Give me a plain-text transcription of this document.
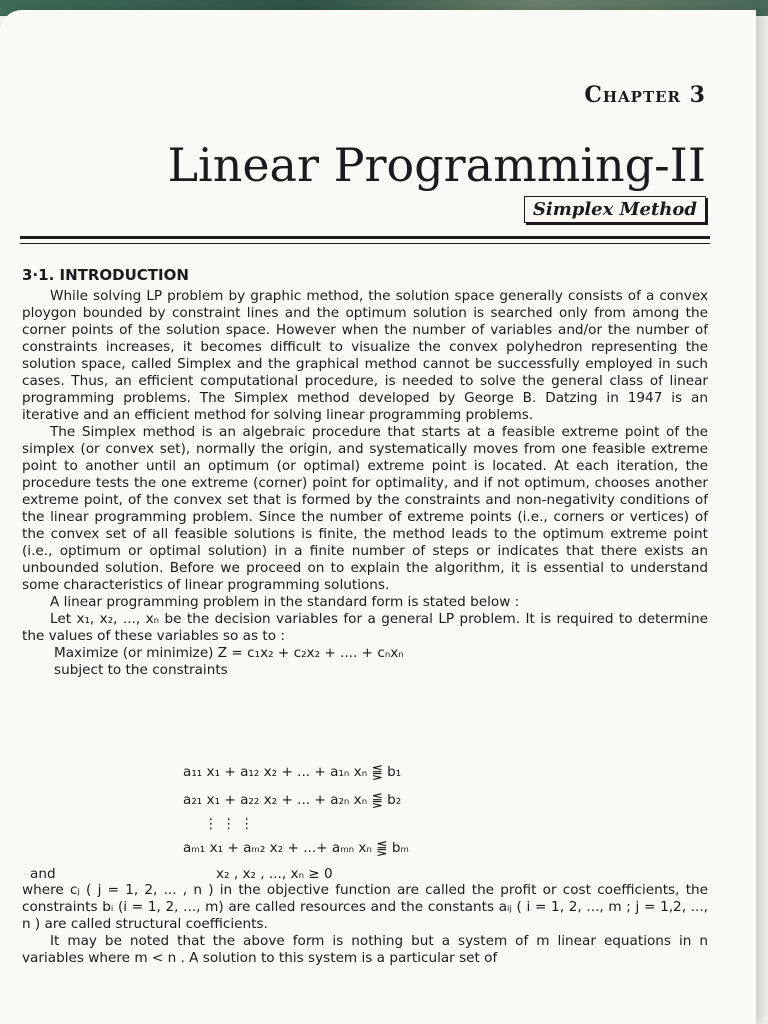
Chapter 3
Linear Programming-II
Simplex Method
3·1. INTRODUCTION

While solving LP problem by graphic method, the solution space generally consists of a convex ploygon bounded by constraint lines and the optimum solution is searched only from among the corner points of the solution space. However when the number of variables and/or the number of constraints increases, it becomes difficult to visualize the convex polyhedron representing the solution space, called Simplex and the graphical method cannot be successfully employed in such cases. Thus, an efficient computational procedure, is needed to solve the general class of linear programming problems. The Simplex method developed by George B. Datzing in 1947 is an iterative and an efficient method for solving linear programming problems.

The Simplex method is an algebraic procedure that starts at a feasible extreme point of the simplex (or convex set), normally the origin, and systematically moves from one feasible extreme point to another until an optimum (or optimal) extreme point is located. At each iteration, the procedure tests the one extreme (corner) point for optimality, and if not optimum, chooses another extreme point, of the convex set that is formed by the constraints and non-negativity conditions of the linear programming problem. Since the number of extreme points (i.e., corners or vertices) of the convex set of all feasible solutions is finite, the method leads to the optimum extreme point (i.e., optimum or optimal solution) in a finite number of steps or indicates that there exists an unbounded solution. Before we proceed on to explain the algorithm, it is essential to understand some characteristics of linear programming solutions.

A linear programming problem in the standard form is stated below :

Let x₁, x₂, ..., xₙ be the decision variables for a general LP problem. It is required to determine the values of these variables so as to :

Maximize (or minimize) Z = c₁x₂ + c₂x₂ + .... + cₙxₙ

subject to the constraints

a₁₁ x₁ + a₁₂ x₂ + ... + a₁ₙ xₙ ⪋ b₁
a₂₁ x₁ + a₂₂ x₂ + ... + a₂ₙ xₙ ⪋ b₂
⋮ ⋮ ⋮
aₘ₁ x₁ + aₘ₂ x₂ + ...+ aₘₙ xₙ ⪋ bₘ
and	x₂ , x₂ , ..., xₙ ≥ 0

where cⱼ ( j = 1, 2, ... , n ) in the objective function are called the profit or cost coefficients, the constraints bᵢ (i = 1, 2, ..., m) are called resources and the constants aᵢⱼ ( i = 1, 2, ..., m ; j = 1,2, ..., n ) are called structural coefficients.

It may be noted that the above form is nothing but a system of m linear equations in n variables where m < n . A solution to this system is a particular set of
